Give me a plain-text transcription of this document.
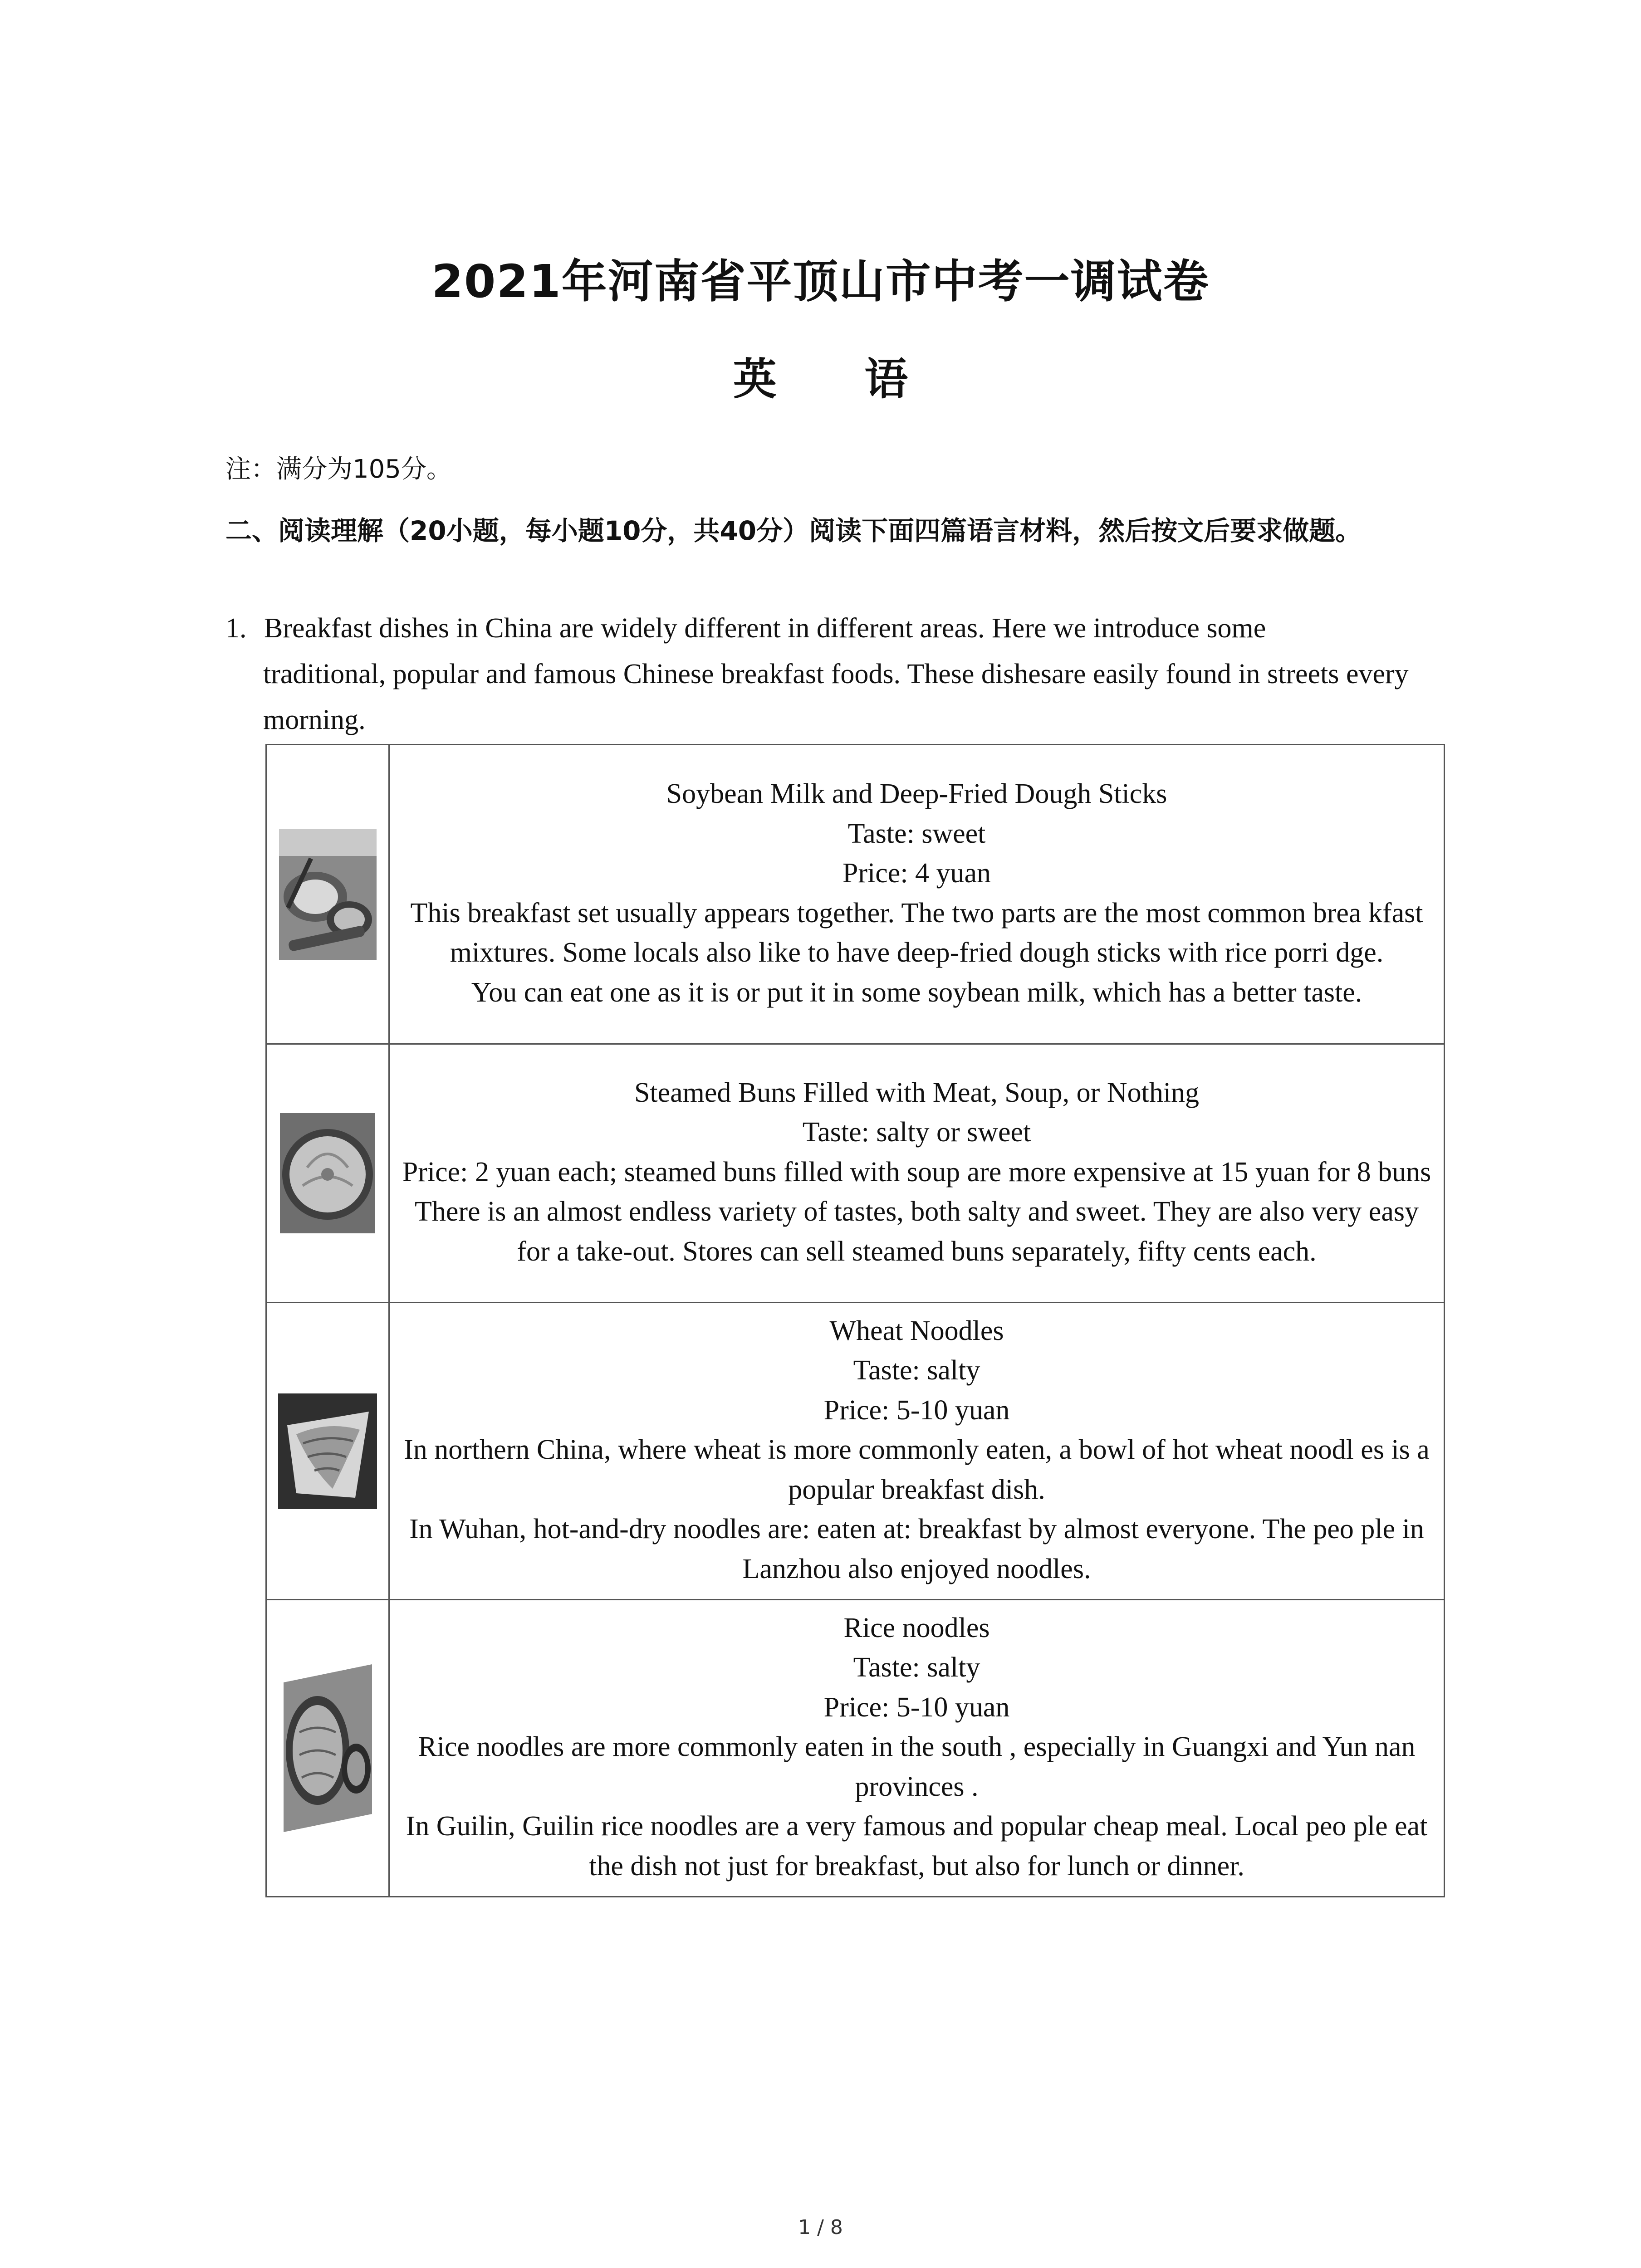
2021年河南省平顶山市中考一调试卷
英 语
注：满分为105分。
二、阅读理解（20小题，每小题10分，共40分）阅读下面四篇语言材料，然后按文后要求做题。
1. Breakfast dishes in China are widely different in different areas. Here we introduce some
traditional, popular and famous Chinese breakfast foods. These dishesare easily found in streets every morning.

Soybean Milk and Deep-Fried Dough Sticks
Taste: sweet
Price: 4 yuan
This breakfast set usually appears together. The two parts are the most common brea kfast mixtures. Some locals also like to have deep-fried dough sticks with rice porri dge.
You can eat one as it is or put it in some soybean milk, which has a better taste.

Steamed Buns Filled with Meat, Soup, or Nothing
Taste: salty or sweet
Price: 2 yuan each; steamed buns filled with soup are more expensive at 15 yuan for 8 buns
There is an almost endless variety of tastes, both salty and sweet. They are also very easy for a take-out. Stores can sell steamed buns separately, fifty cents each.

Wheat Noodles
Taste: salty
Price: 5-10 yuan
In northern China, where wheat is more commonly eaten, a bowl of hot wheat noodl es is a popular breakfast dish.
In Wuhan, hot-and-dry noodles are: eaten at: breakfast by almost everyone. The peo ple in Lanzhou also enjoyed noodles.

Rice noodles
Taste: salty
Price: 5-10 yuan
Rice noodles are more commonly eaten in the south , especially in Guangxi and Yun nan provinces .
In Guilin, Guilin rice noodles are a very famous and popular cheap meal. Local peo ple eat the dish not just for breakfast, but also for lunch or dinner.
1 / 8
